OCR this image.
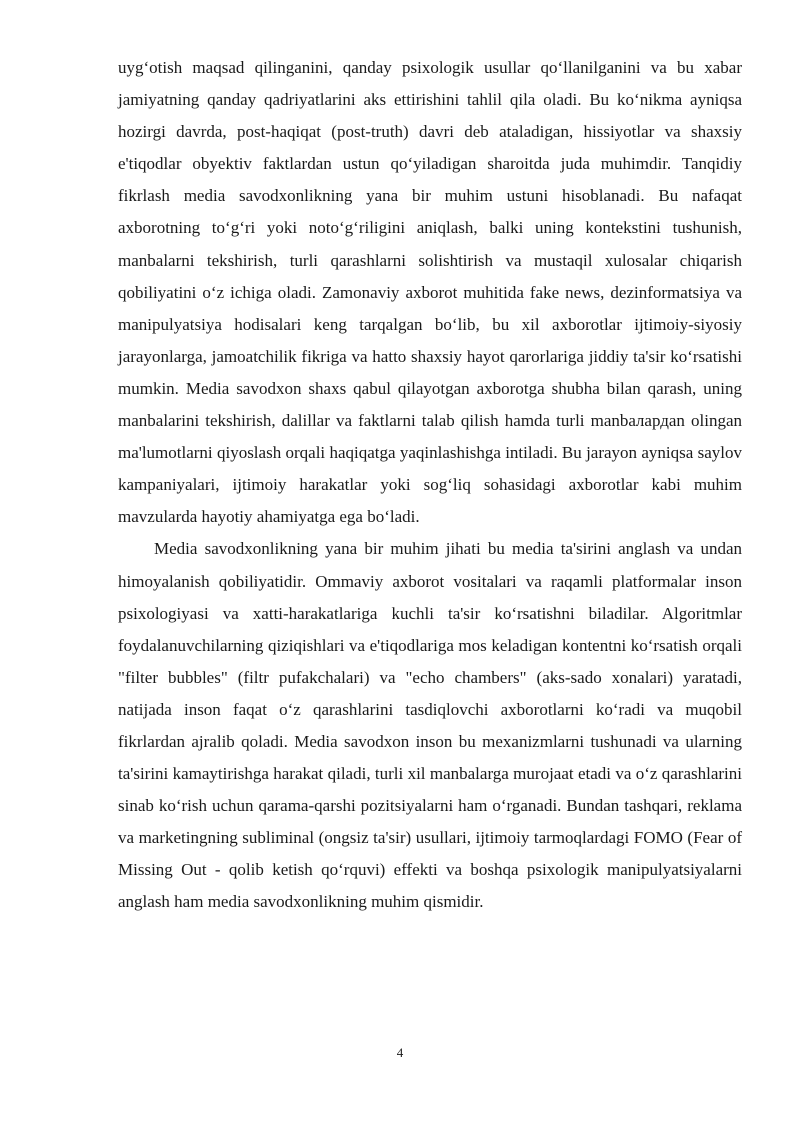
uyg‘otish maqsad qilinganini, qanday psixologik usullar qo‘llanilganini va bu xabar jamiyatning qanday qadriyatlarini aks ettirishini tahlil qila oladi. Bu ko‘nikma ayniqsa hozirgi davrda, post-haqiqat (post-truth) davri deb ataladigan, hissiyotlar va shaxsiy e'tiqodlar obyektiv faktlardan ustun qo‘yiladigan sharoitda juda muhimdir. Tanqidiy fikrlash media savodxonlikning yana bir muhim ustuni hisoblanadi. Bu nafaqat axborotning to‘g‘ri yoki noto‘g‘riligini aniqlash, balki uning kontekstini tushunish, manbalarni tekshirish, turli qarashlarni solishtirish va mustaqil xulosalar chiqarish qobiliyatini o‘z ichiga oladi. Zamonaviy axborot muhitida fake news, dezinformatsiya va manipulyatsiya hodisalari keng tarqalgan bo‘lib, bu xil axborotlar ijtimoiy-siyosiy jarayonlarga, jamoatchilik fikriga va hatto shaxsiy hayot qarorlariga jiddiy ta'sir ko‘rsatishi mumkin. Media savodxon shaxs qabul qilayotgan axborotga shubha bilan qarash, uning manbalarini tekshirish, dalillar va faktlarni talab qilish hamda turli manbaлардan olingan ma'lumotlarni qiyoslash orqali haqiqatga yaqinlashishga intiladi. Bu jarayon ayniqsa saylov kampaniyalari, ijtimoiy harakatlar yoki sog‘liq sohasidagi axborotlar kabi muhim mavzularda hayotiy ahamiyatga ega bo‘ladi.

Media savodxonlikning yana bir muhim jihati bu media ta'sirini anglash va undan himoyalanish qobiliyatidir. Ommaviy axborot vositalari va raqamli platformalar inson psixologiyasi va xatti-harakatlariga kuchli ta'sir ko‘rsatishni biladilar. Algoritmlar foydalanuvchilarning qiziqishlari va e'tiqodlariga mos keladigan kontentni ko‘rsatish orqali "filter bubbles" (filtr pufakchalari) va "echo chambers" (aks-sado xonalari) yaratadi, natijada inson faqat o‘z qarashlarini tasdiqlovchi axborotlarni ko‘radi va muqobil fikrlardan ajralib qoladi. Media savodxon inson bu mexanizmlarni tushunadi va ularning ta'sirini kamaytirishga harakat qiladi, turli xil manbalarga murojaat etadi va o‘z qarashlarini sinab ko‘rish uchun qarama-qarshi pozitsiyalarni ham o‘rganadi. Bundan tashqari, reklama va marketingning subliminal (ongsiz ta'sir) usullari, ijtimoiy tarmoqlardagi FOMO (Fear of Missing Out - qolib ketish qo‘rquvi) effekti va boshqa psixologik manipulyatsiyalarni anglash ham media savodxonlikning muhim qismidir.

4
